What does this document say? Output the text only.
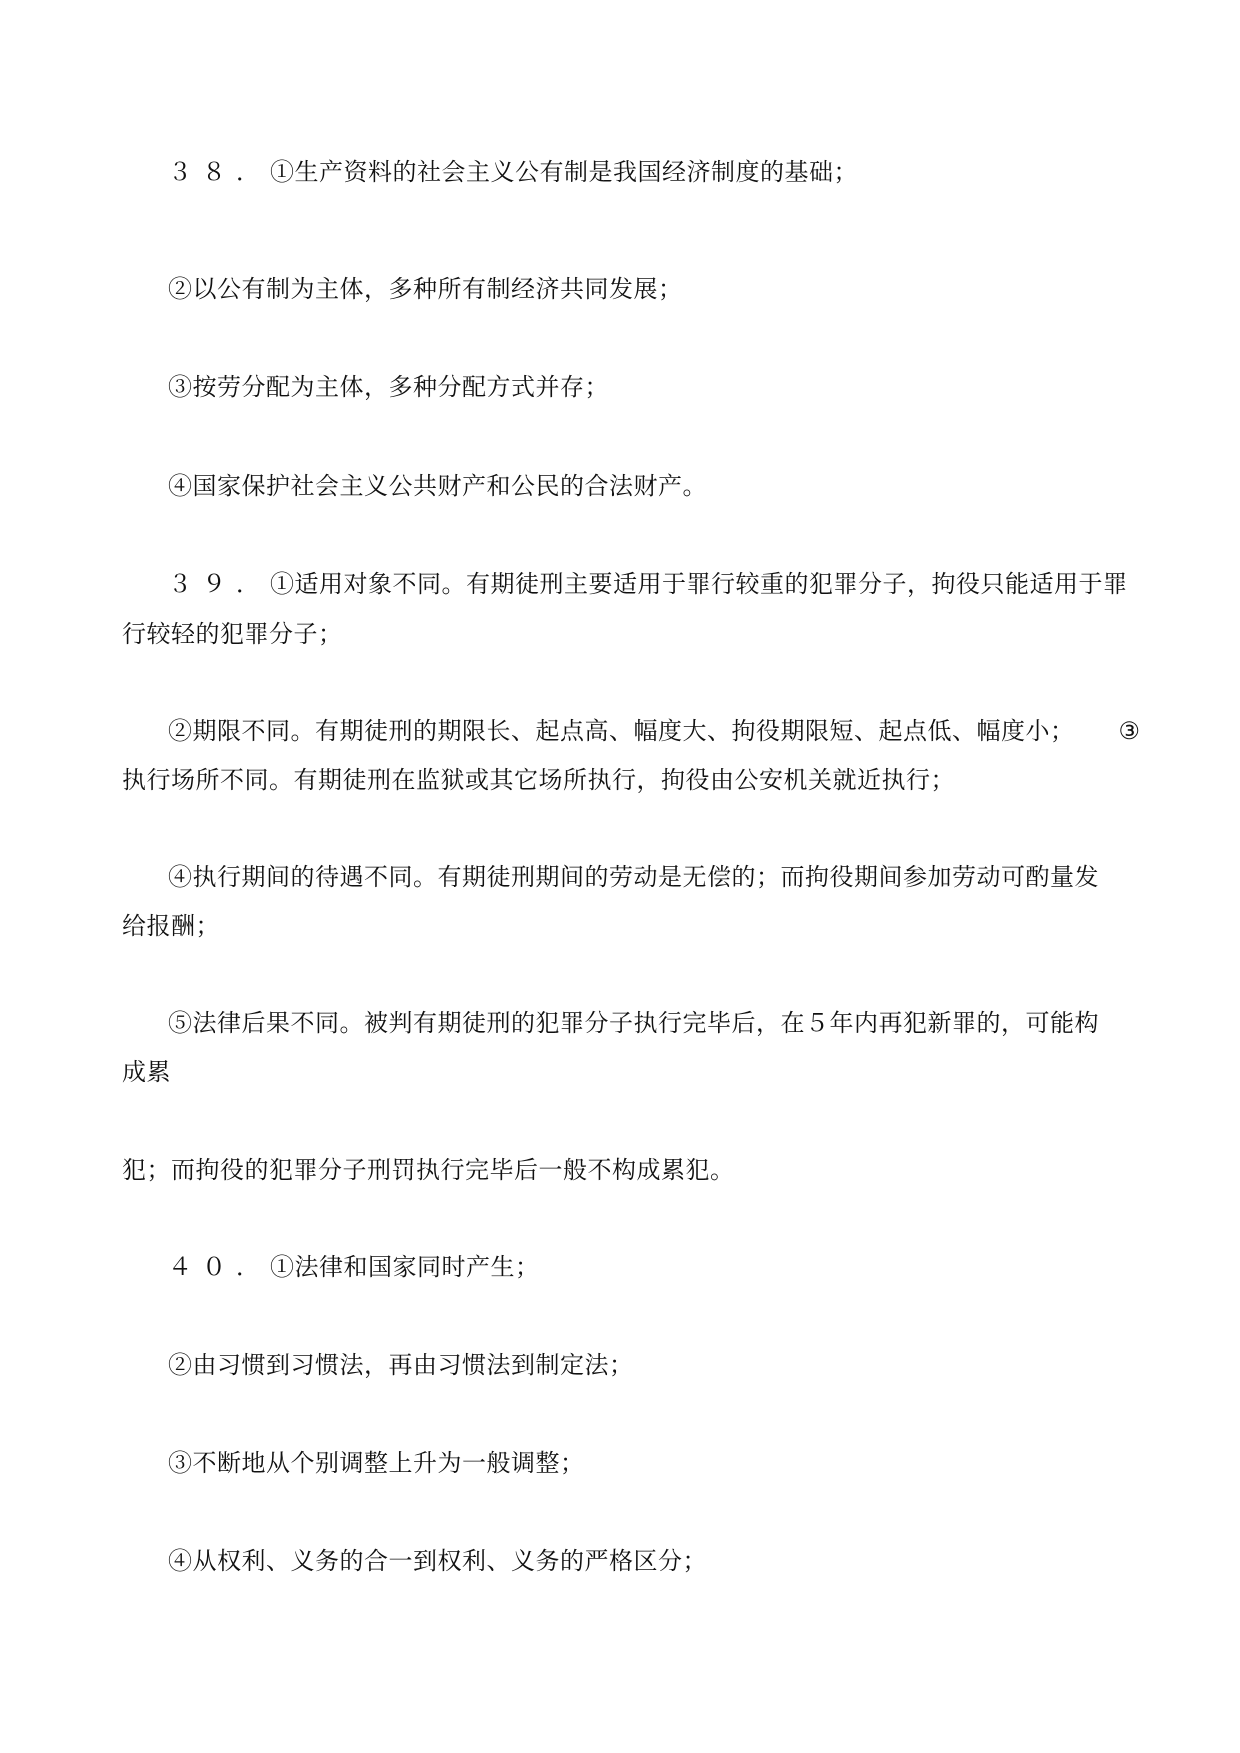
３８．①生产资料的社会主义公有制是我国经济制度的基础；
②以公有制为主体，多种所有制经济共同发展；
③按劳分配为主体，多种分配方式并存；
④国家保护社会主义公共财产和公民的合法财产。
３９．①适用对象不同。有期徒刑主要适用于罪行较重的犯罪分子，拘役只能适用于罪
行较轻的犯罪分子；
②期限不同。有期徒刑的期限长、起点高、幅度大、拘役期限短、起点低、幅度小； ③
执行场所不同。有期徒刑在监狱或其它场所执行，拘役由公安机关就近执行；
④执行期间的待遇不同。有期徒刑期间的劳动是无偿的；而拘役期间参加劳动可酌量发
给报酬；
⑤法律后果不同。被判有期徒刑的犯罪分子执行完毕后，在５年内再犯新罪的，可能构
成累
犯；而拘役的犯罪分子刑罚执行完毕后一般不构成累犯。
４０．①法律和国家同时产生；
②由习惯到习惯法，再由习惯法到制定法；
③不断地从个别调整上升为一般调整；
④从权利、义务的合一到权利、义务的严格区分；
